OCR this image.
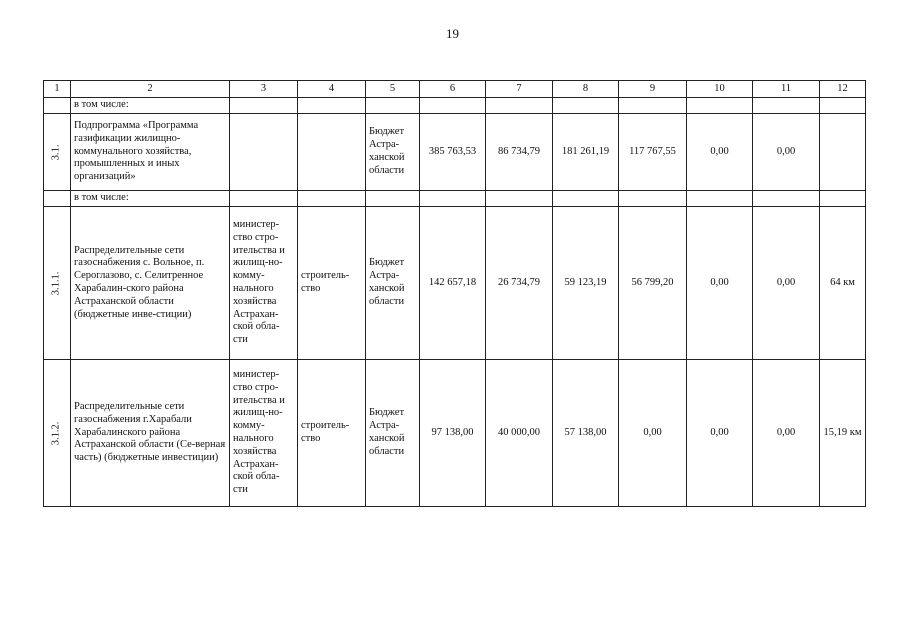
19
1	2	3	4	5	6	7	8	9	10	11	12
	в том числе:										
3.1.	Подпрограмма «Программа газификации жилищно-коммунального хозяйства, промышленных и иных организаций»			Бюджет Астра-ханской области	385 763,53	86 734,79	181 261,19	117 767,55	0,00	0,00	
	в том числе:										
3.1.1.	Распределительные сети газоснабжения с. Вольное, п. Сероглазово, с. Селитренное Харабалин-ского района Астраханской области (бюджетные инве-стиции)	министер-ство стро-ительства и жилищ-но-комму-нального хозяйства Астрахан-ской обла-сти	строитель-ство	Бюджет Астра-ханской области	142 657,18	26 734,79	59 123,19	56 799,20	0,00	0,00	64 км
3.1.2.	Распределительные сети газоснабжения г.Харабали Харабалинского района Астраханской области (Се-верная часть) (бюджетные инвестиции)	министер-ство стро-ительства и жилищ-но-комму-нального хозяйства Астрахан-ской обла-сти	строитель-ство	Бюджет Астра-ханской области	97 138,00	40 000,00	57 138,00	0,00	0,00	0,00	15,19 км
